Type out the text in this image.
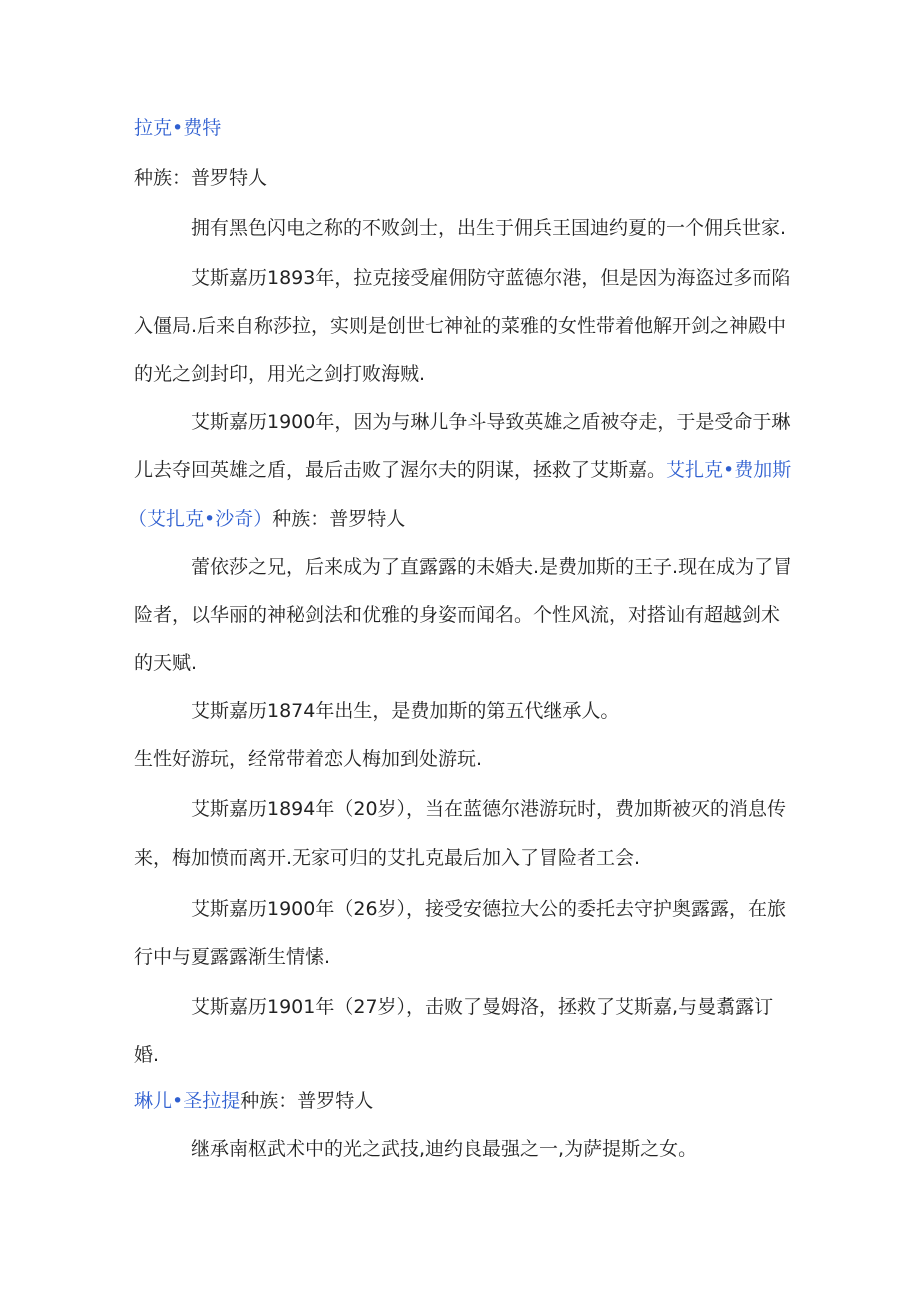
拉克•费特
种族：普罗特人
拥有黑色闪电之称的不败剑士，出生于佣兵王国迪约夏的一个佣兵世家.
艾斯嘉历1893年，拉克接受雇佣防守蓝德尔港，但是因为海盗过多而陷
入僵局.后来自称莎拉，实则是创世七神祉的菜雅的女性带着他解开剑之神殿中
的光之剑封印，用光之剑打败海贼.
艾斯嘉历1900年，因为与琳儿争斗导致英雄之盾被夺走，于是受命于琳
儿去夺回英雄之盾，最后击败了渥尔夫的阴谋，拯救了艾斯嘉。艾扎克•费加斯
（艾扎克•沙奇）种族：普罗特人
蕾依莎之兄，后来成为了直露露的未婚夫.是费加斯的王子.现在成为了冒
险者，以华丽的神秘剑法和优雅的身姿而闻名。个性风流，对搭讪有超越剑术
的天赋.
艾斯嘉历1874年出生，是费加斯的第五代继承人。
生性好游玩，经常带着恋人梅加到处游玩.
艾斯嘉历1894年（20岁），当在蓝德尔港游玩时，费加斯被灭的消息传
来，梅加愤而离开.无家可归的艾扎克最后加入了冒险者工会.
艾斯嘉历1900年（26岁），接受安德拉大公的委托去守护奥露露，在旅
行中与夏露露渐生情愫.
艾斯嘉历1901年（27岁），击败了曼姆洛，拯救了艾斯嘉,与曼翥露订
婚.
琳儿•圣拉提种族：普罗特人
继承南枢武术中的光之武技,迪约良最强之一,为萨提斯之女。
